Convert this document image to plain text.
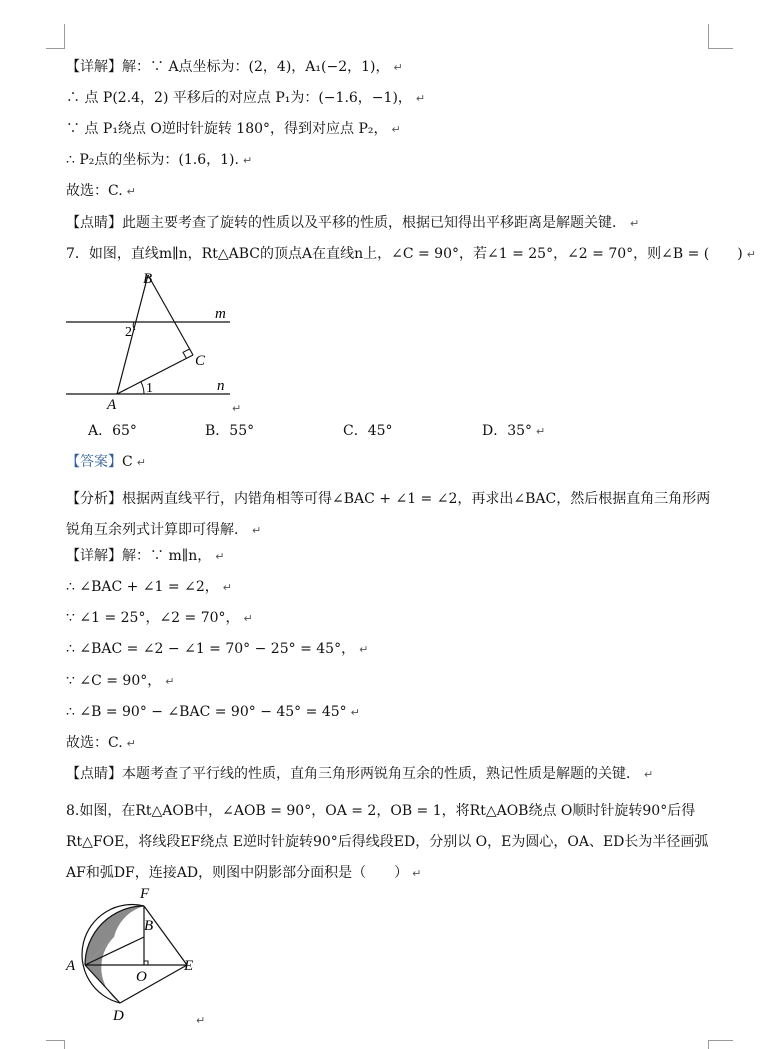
【详解】解：∵ A点坐标为：(2，4)，A₁(−2，1)， ↵
∴ 点 P(2.4，2) 平移后的对应点 P₁为：(−1.6，−1)， ↵
∵ 点 P₁绕点 O逆时针旋转 180°，得到对应点 P₂， ↵
∴ P₂点的坐标为：(1.6，1). ↵
故选：C. ↵
【点睛】此题主要考查了旋转的性质以及平移的性质，根据已知得出平移距离是解题关键． ↵
7．如图，直线m∥n，Rt△ABC的顶点A在直线n上，∠C = 90°，若∠1 = 25°，∠2 = 70°，则∠B = (　　) ↵
B
C
A
m
n
1
2
↵
A．65°	B．55°	C．45°	D．35° ↵
【答案】C ↵
【分析】根据两直线平行，内错角相等可得∠BAC + ∠1 = ∠2，再求出∠BAC，然后根据直角三角形两锐角互余列式计算即可得解． ↵
【详解】解：∵ m∥n， ↵
∴ ∠BAC + ∠1 = ∠2， ↵
∵ ∠1 = 25°，∠2 = 70°， ↵
∴ ∠BAC = ∠2 − ∠1 = 70° − 25° = 45°， ↵
∵ ∠C = 90°， ↵
∴ ∠B = 90° − ∠BAC = 90° − 45° = 45° ↵
故选：C. ↵
【点睛】本题考查了平行线的性质，直角三角形两锐角互余的性质，熟记性质是解题的关键． ↵
8.如图，在Rt△AOB中，∠AOB = 90°，OA = 2，OB = 1，将Rt△AOB绕点 O顺时针旋转90°后得Rt△FOE，将线段EF绕点 E逆时针旋转90°后得线段ED，分别以 O，E为圆心，OA、ED长为半径画弧AF和弧DF，连接AD，则图中阴影部分面积是（　　） ↵
F
B
A
O
E
D	↵
